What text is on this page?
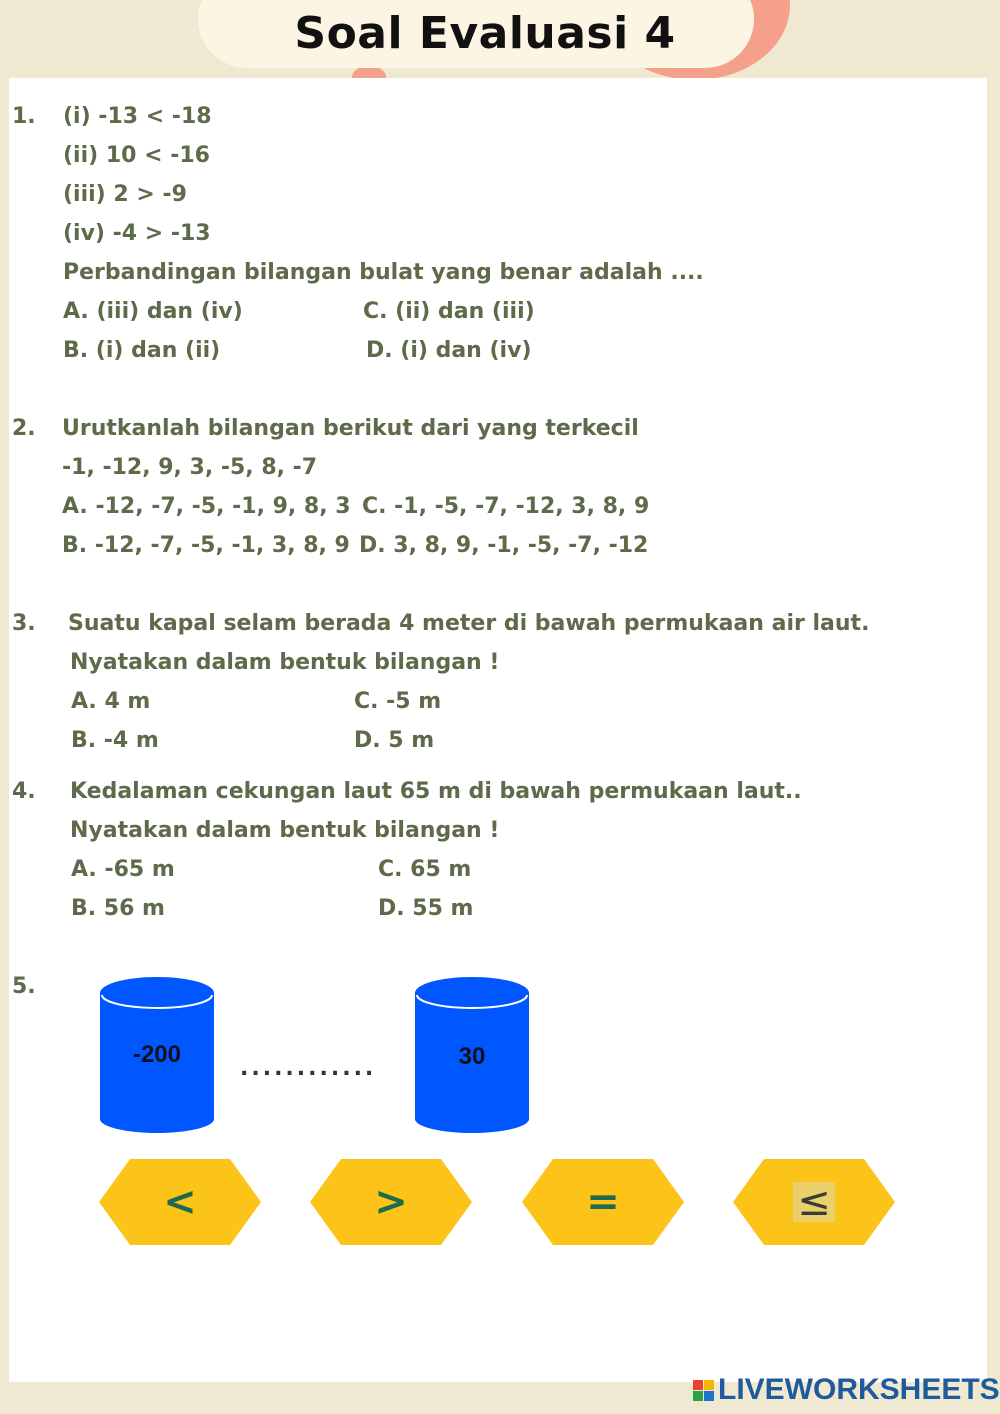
Soal Evaluasi 4
1. (i) -13 < -18
(ii) 10 < -16
(iii) 2 > -9
(iv) -4 > -13
Perbandingan bilangan bulat yang benar adalah ....
A. (iii) dan (iv)	C. (ii) dan (iii)
B. (i) dan (ii)	D. (i) dan (iv)
2. Urutkanlah bilangan berikut dari yang terkecil
-1, -12, 9, 3, -5, 8, -7
A. -12, -7, -5, -1, 9, 8, 3 C. -1, -5, -7, -12, 3, 8, 9
B. -12, -7, -5, -1, 3, 8, 9 D. 3, 8, 9, -1, -5, -7, -12
3. Suatu kapal selam berada 4 meter di bawah permukaan air laut.
Nyatakan dalam bentuk bilangan !
A. 4 m	C. -5 m
B. -4 m	D. 5 m
4. Kedalaman cekungan laut 65 m di bawah permukaan laut..
Nyatakan dalam bentuk bilangan !
A. -65 m	C. 65 m
B. 56 m	D. 55 m
5.
-200
............	30
<	>	=	≤
LIVEWORKSHEETS
